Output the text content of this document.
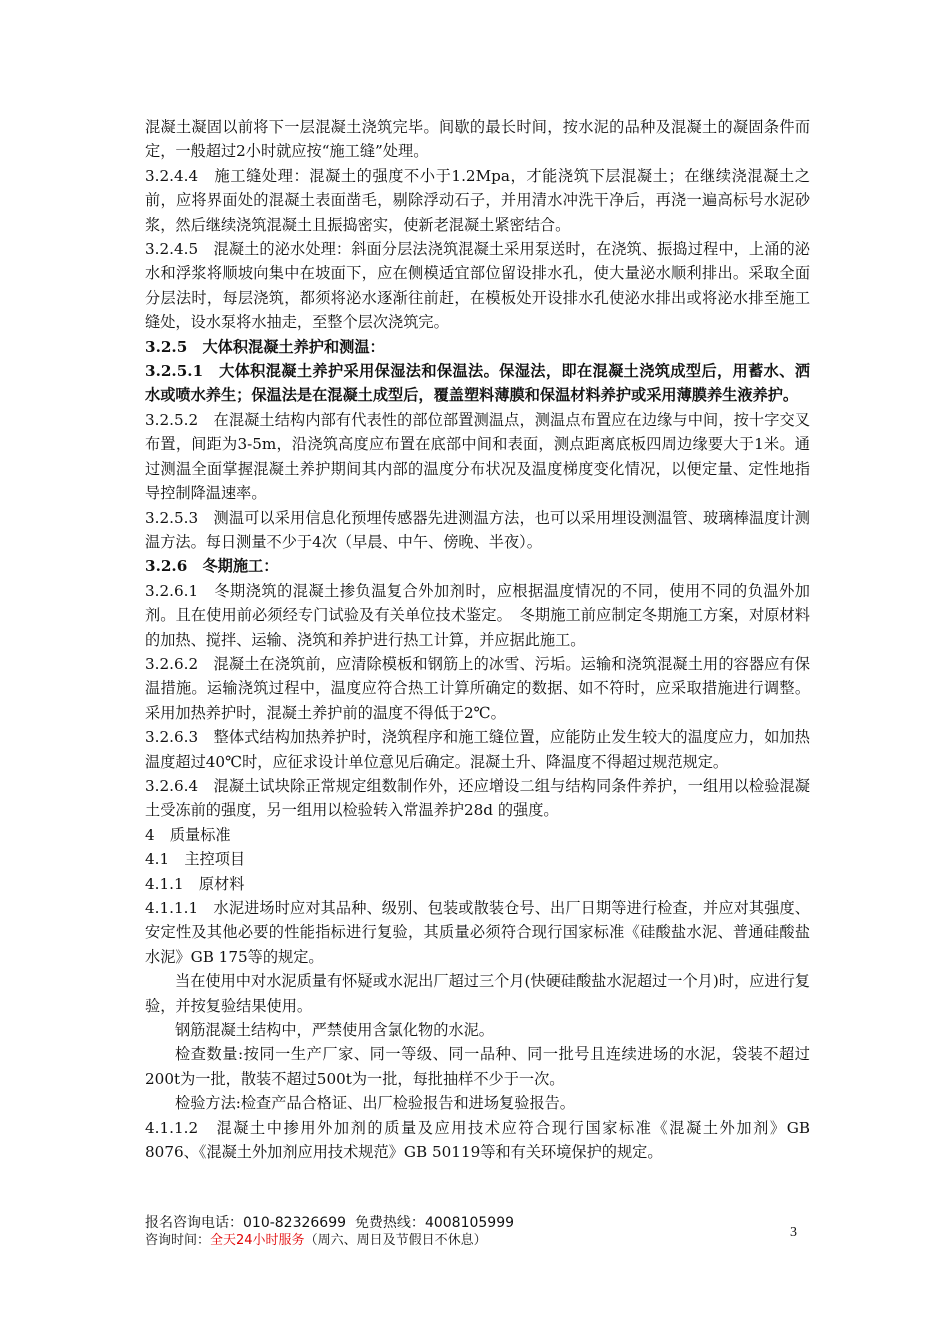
混凝土凝固以前将下一层混凝土浇筑完毕。间歇的最长时间，按水泥的品种及混凝土的凝固条件而定，一般超过2小时就应按“施工缝”处理。

3.2.4.4　施工缝处理：混凝土的强度不小于1.2Mpa，才能浇筑下层混凝土；在继续浇混凝土之前，应将界面处的混凝土表面凿毛，剔除浮动石子，并用清水冲洗干净后，再浇一遍高标号水泥砂浆，然后继续浇筑混凝土且振捣密实，使新老混凝土紧密结合。

3.2.4.5　混凝土的泌水处理：斜面分层法浇筑混凝土采用泵送时，在浇筑、振捣过程中，上涌的泌水和浮浆将顺坡向集中在坡面下，应在侧模适宜部位留设排水孔，使大量泌水顺利排出。采取全面分层法时，每层浇筑，都须将泌水逐渐往前赶，在模板处开设排水孔使泌水排出或将泌水排至施工缝处，设水泵将水抽走，至整个层次浇筑完。

3.2.5　大体积混凝土养护和测温：

3.2.5.1　大体积混凝土养护采用保湿法和保温法。保湿法，即在混凝土浇筑成型后，用蓄水、洒水或喷水养生；保温法是在混凝土成型后，覆盖塑料薄膜和保温材料养护或采用薄膜养生液养护。

3.2.5.2　在混凝土结构内部有代表性的部位部置测温点，测温点布置应在边缘与中间，按十字交叉布置，间距为3-5m，沿浇筑高度应布置在底部中间和表面，测点距离底板四周边缘要大于1米。通过测温全面掌握混凝土养护期间其内部的温度分布状况及温度梯度变化情况，以便定量、定性地指导控制降温速率。

3.2.5.3　测温可以采用信息化预埋传感器先进测温方法，也可以采用埋设测温管、玻璃棒温度计测温方法。每日测量不少于4次（早晨、中午、傍晚、半夜）。

3.2.6　冬期施工：

3.2.6.1　冬期浇筑的混凝土掺负温复合外加剂时，应根据温度情况的不同，使用不同的负温外加剂。且在使用前必须经专门试验及有关单位技术鉴定。　冬期施工前应制定冬期施工方案，对原材料的加热、搅拌、运输、浇筑和养护进行热工计算，并应据此施工。

3.2.6.2　混凝土在浇筑前，应清除模板和钢筋上的冰雪、污垢。运输和浇筑混凝土用的容器应有保温措施。运输浇筑过程中，温度应符合热工计算所确定的数据、如不符时，应采取措施进行调整。采用加热养护时，混凝土养护前的温度不得低于2℃。

3.2.6.3　整体式结构加热养护时，浇筑程序和施工缝位置，应能防止发生较大的温度应力，如加热温度超过40℃时，应征求设计单位意见后确定。混凝土升、降温度不得超过规范规定。

3.2.6.4　混凝土试块除正常规定组数制作外，还应增设二组与结构同条件养护，一组用以检验混凝土受冻前的强度，另一组用以检验转入常温养护28d 的强度。

4　质量标准

4.1　主控项目

4.1.1　原材料

4.1.1.1　水泥进场时应对其品种、级别、包装或散装仓号、出厂日期等进行检查，并应对其强度、安定性及其他必要的性能指标进行复验，其质量必须符合现行国家标准《硅酸盐水泥、普通硅酸盐水泥》GB 175等的规定。

当在使用中对水泥质量有怀疑或水泥出厂超过三个月(快硬硅酸盐水泥超过一个月)时，应进行复验，并按复验结果使用。

钢筋混凝土结构中，严禁使用含氯化物的水泥。

检查数量:按同一生产厂家、同一等级、同一品种、同一批号且连续进场的水泥，袋装不超过200t为一批，散装不超过500t为一批，每批抽样不少于一次。

检验方法:检查产品合格证、出厂检验报告和进场复验报告。

4.1.1.2　混凝土中掺用外加剂的质量及应用技术应符合现行国家标准《混凝土外加剂》GB 8076、《混凝土外加剂应用技术规范》GB 50119等和有关环境保护的规定。

报名咨询电话：010-82326699 免费热线：4008105999
咨询时间：全天24小时服务（周六、周日及节假日不休息）
3
